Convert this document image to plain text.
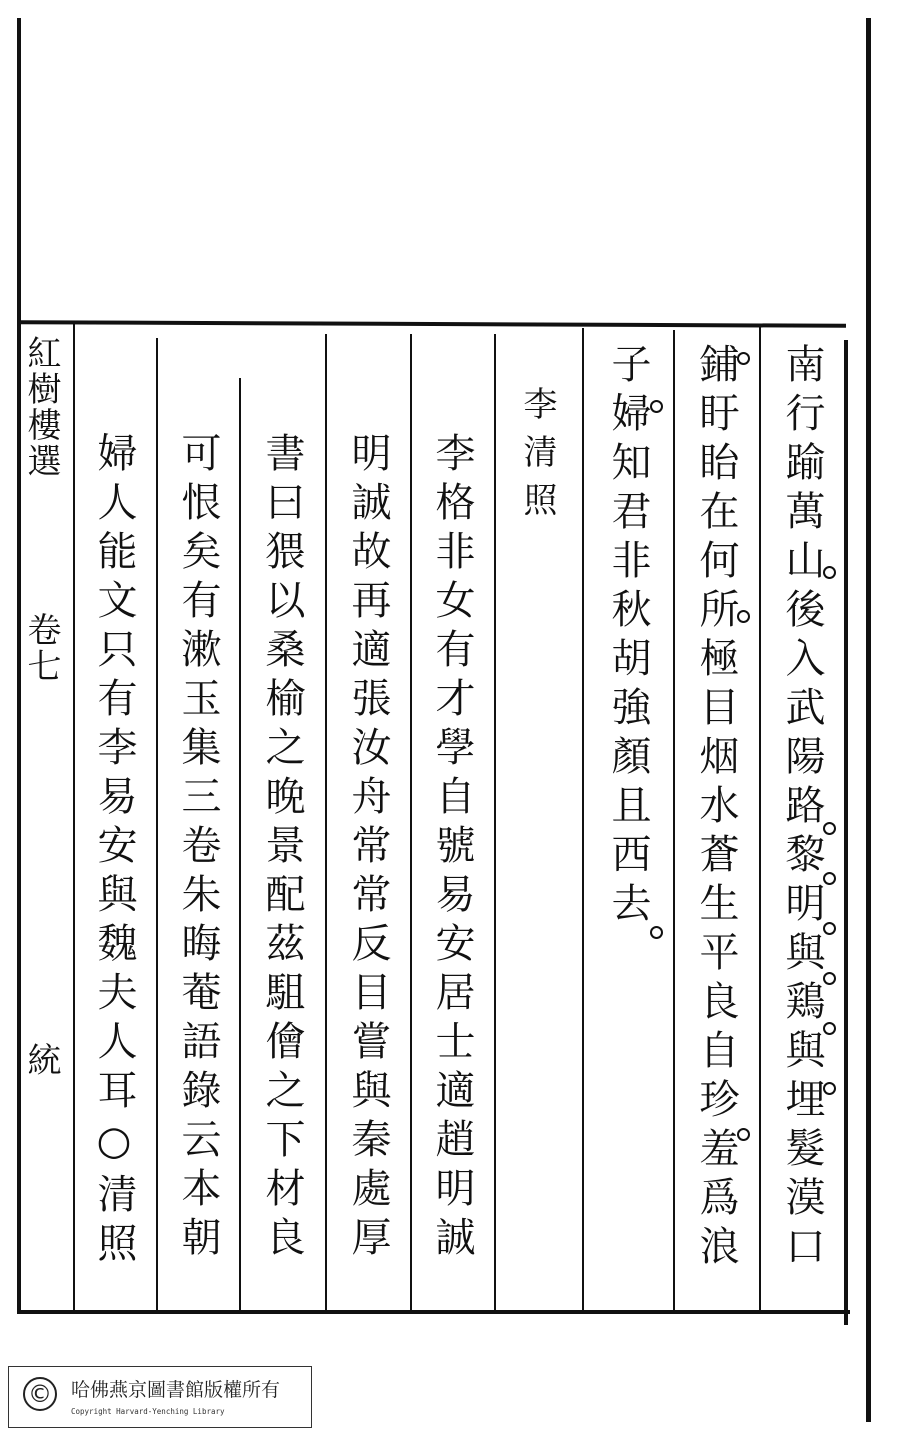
紅樹樓選
卷七
統	南行踰萬山後入武陽路黎明與鶏與埋髮漠口
鋪盱眙在何所極目烟水蒼生平良自珍羞爲浪
子婦知君非秋胡強顏且西去
李清照
李格非女有才學自號易安居士適趙明誠
明誠故再適張汝舟常常反目嘗與秦處厚
書曰猥以桑榆之晚景配茲駔儈之下材良
可恨矣有漱玉集三卷朱晦菴語錄云本朝
婦人能文只有李易安與魏夫人耳○清照
© 哈佛燕京圖書館版權所有
Copyright Harvard-Yenching Library
